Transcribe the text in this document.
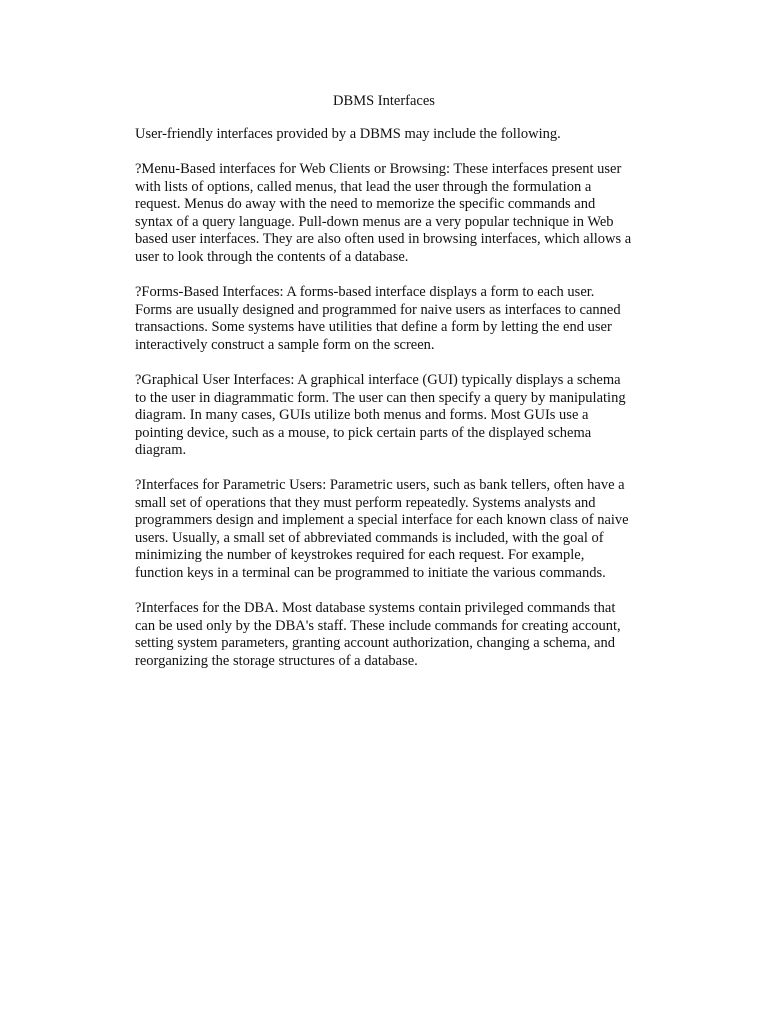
DBMS Interfaces

User-friendly interfaces provided by a DBMS may include the following.

?Menu-Based interfaces for Web Clients or Browsing: These interfaces present user
with lists of options, called menus, that lead the user through the formulation a
request. Menus do away with the need to memorize the specific commands and
syntax of a query language. Pull-down menus are a very popular technique in Web
based user interfaces. They are also often used in browsing interfaces, which allows a
user to look through the contents of a database.

?Forms-Based Interfaces: A forms-based interface displays a form to each user.
Forms are usually designed and programmed for naive users as interfaces to canned
transactions. Some systems have utilities that define a form by letting the end user
interactively construct a sample form on the screen.

?Graphical User Interfaces: A graphical interface (GUI) typically displays a schema
to the user in diagrammatic form. The user can then specify a query by manipulating
diagram. In many cases, GUIs utilize both menus and forms. Most GUIs use a
pointing device, such as a mouse, to pick certain parts of the displayed schema
diagram.

?Interfaces for Parametric Users: Parametric users, such as bank tellers, often have a
small set of operations that they must perform repeatedly. Systems analysts and
programmers design and implement a special interface for each known class of naive
users. Usually, a small set of abbreviated commands is included, with the goal of
minimizing the number of keystrokes required for each request. For example,
function keys in a terminal can be programmed to initiate the various commands.

?Interfaces for the DBA. Most database systems contain privileged commands that
can be used only by the DBA's staff. These include commands for creating account,
setting system parameters, granting account authorization, changing a schema, and
reorganizing the storage structures of a database.
